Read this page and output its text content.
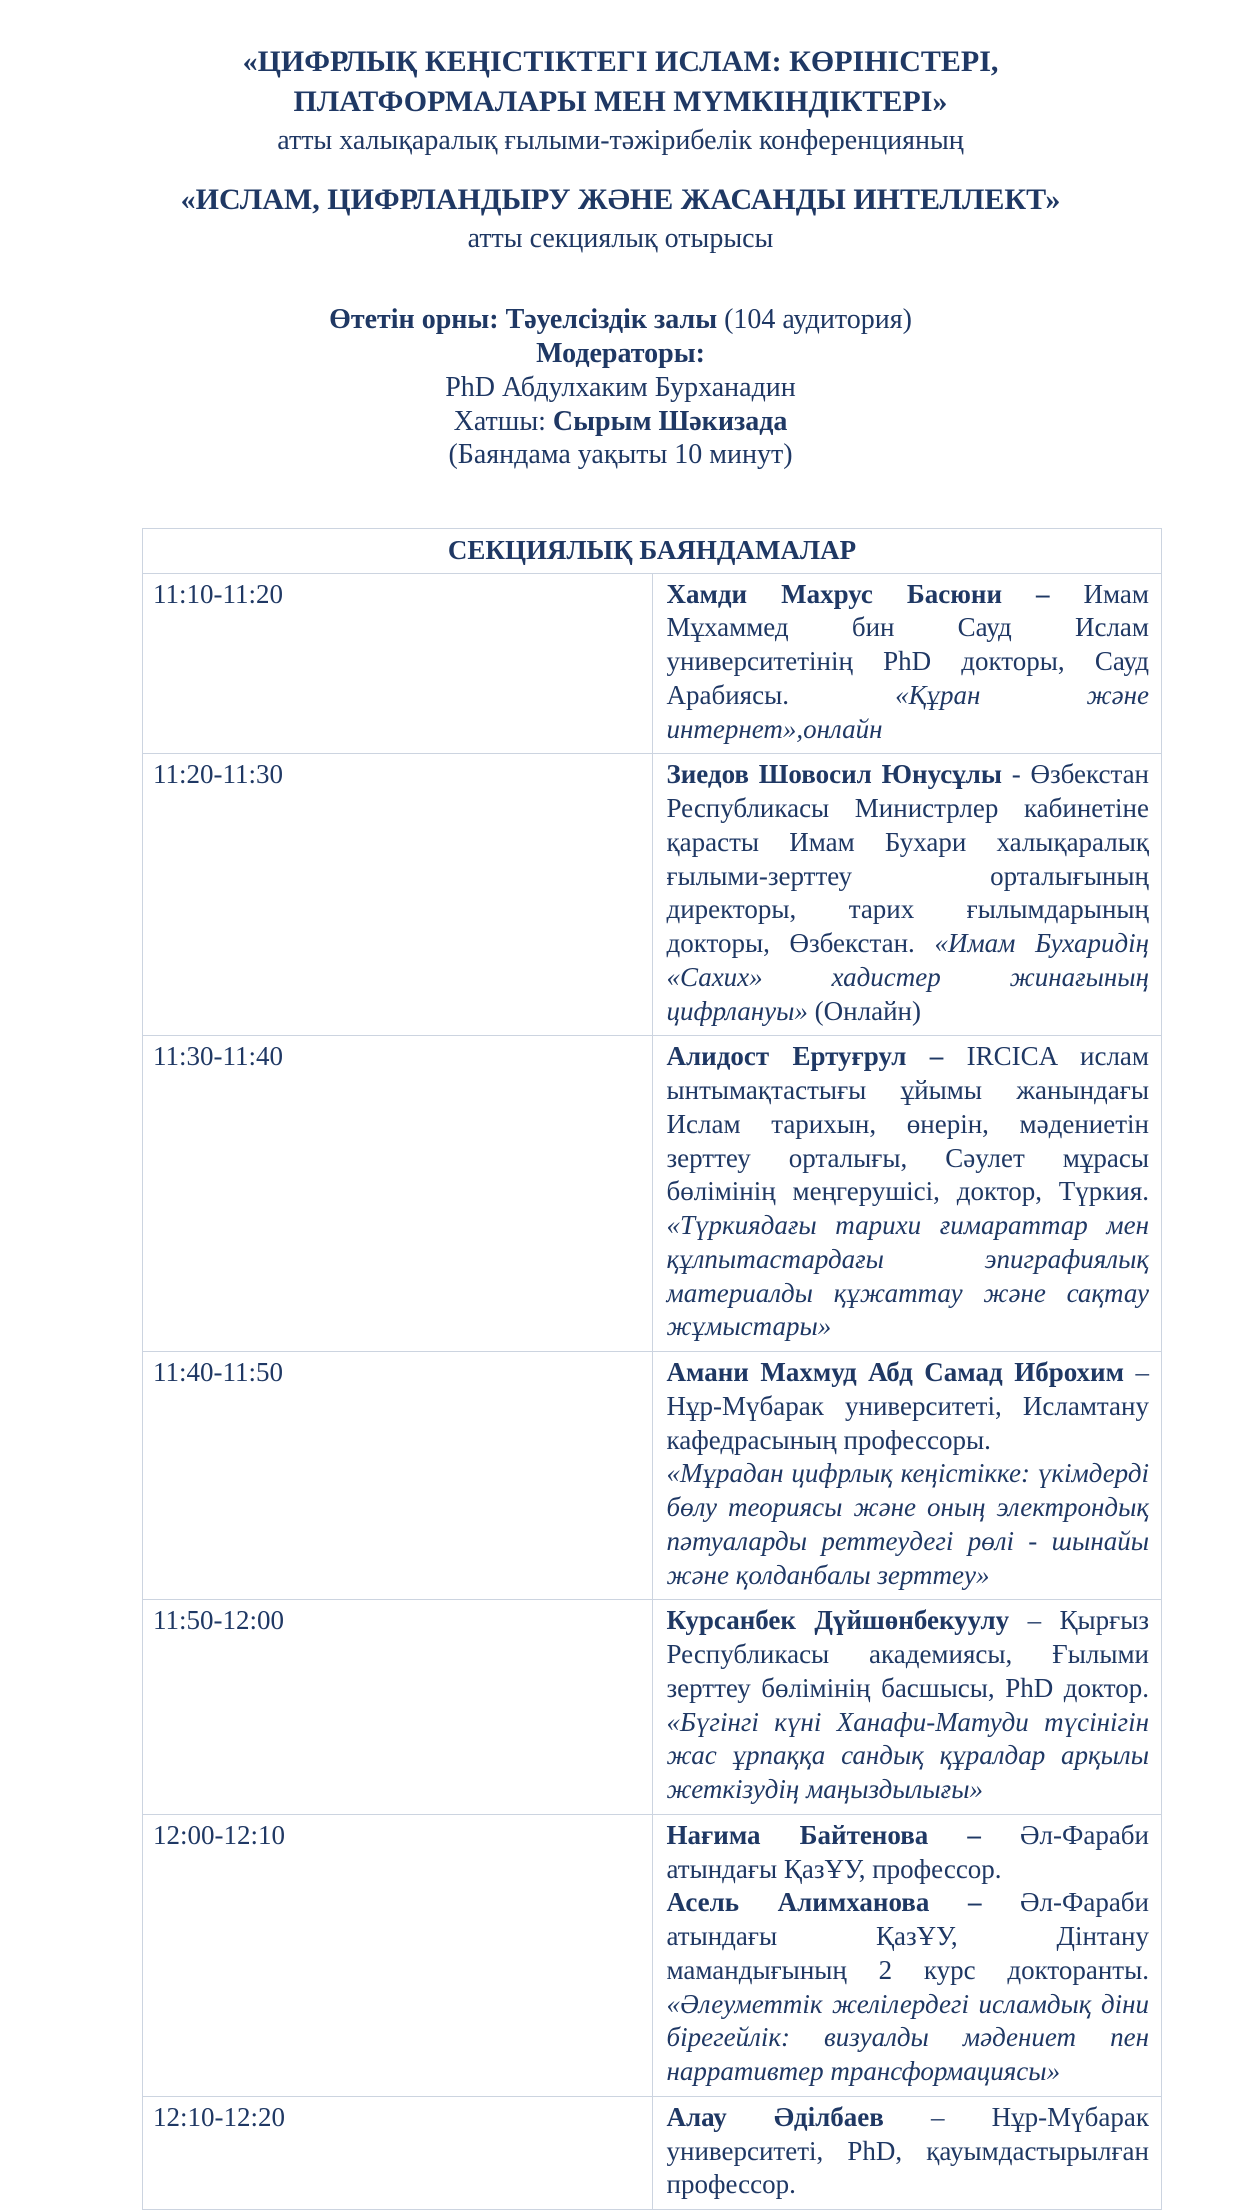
«ЦИФРЛЫҚ КЕҢІСТІКТЕГІ ИСЛАМ: КӨРІНІСТЕРІ,
ПЛАТФОРМАЛАРЫ МЕН МҮМКІНДІКТЕРІ»
атты халықаралық ғылыми-тәжірибелік конференцияның
«ИСЛАМ, ЦИФРЛАНДЫРУ ЖӘНЕ ЖАСАНДЫ ИНТЕЛЛЕКТ»
атты секциялық отырысы
Өтетін орны: Тәуелсіздік залы (104 аудитория)
Модераторы:
PhD Абдулхаким Бурханадин
Хатшы: Сырым Шәкизада
(Баяндама уақыты 10 минут)
СЕКЦИЯЛЫҚ БАЯНДАМАЛАР	
11:10-11:20	Хамди Махрус Басюни – Имам Мұхаммед бин Сауд Ислам университетінің PhD докторы, Сауд Арабиясы. «Құран және интернет»,онлайн
11:20-11:30	Зиедов Шовосил Юнусұлы - Өзбекстан Республикасы Министрлер кабинетіне қарасты Имам Бухари халықаралық ғылыми-зерттеу орталығының директоры, тарих ғылымдарының докторы, Өзбекстан. «Имам Бухаридің «Сахих» хадистер жинағының цифрлануы» (Онлайн)
11:30-11:40	Алидост Ертуғрул – IRCICA ислам ынтымақтастығы ұйымы жанындағы Ислам тарихын, өнерін, мәдениетін зерттеу орталығы, Сәулет мұрасы бөлімінің меңгерушісі, доктор, Түркия. «Түркиядағы тарихи ғимараттар мен құлпытастардағы эпиграфиялық материалды құжаттау және сақтау жұмыстары»
11:40-11:50	Амани Махмуд Абд Самад Иброхим – Нұр-Мүбарак университеті, Исламтану кафедрасының профессоры.
«Мұрадан цифрлық кеңістікке: үкімдерді бөлу теориясы және оның электрондық пәтуаларды реттеудегі рөлі - шынайы және қолданбалы зерттеу»
11:50-12:00	Курсанбек Дүйшөнбекуулу – Қырғыз Республикасы академиясы, Ғылыми зерттеу бөлімінің басшысы, PhD доктор. «Бүгінгі күні Ханафи-Матуди түсінігін жас ұрпаққа сандық құралдар арқылы жеткізудің маңыздылығы»
12:00-12:10	Нағима Байтенова – Әл-Фараби атындағы ҚазҰУ, профессор.
Асель Алимханова – Әл-Фараби атындағы ҚазҰУ, Дінтану мамандығының 2 курс докторанты. «Әлеуметтік желілердегі исламдық діни бірегейлік: визуалды мәдениет пен нарративтер трансформациясы»
12:10-12:20	Алау Әділбаев – Нұр-Мүбарак университеті, PhD, қауымдастырылған профессор.
